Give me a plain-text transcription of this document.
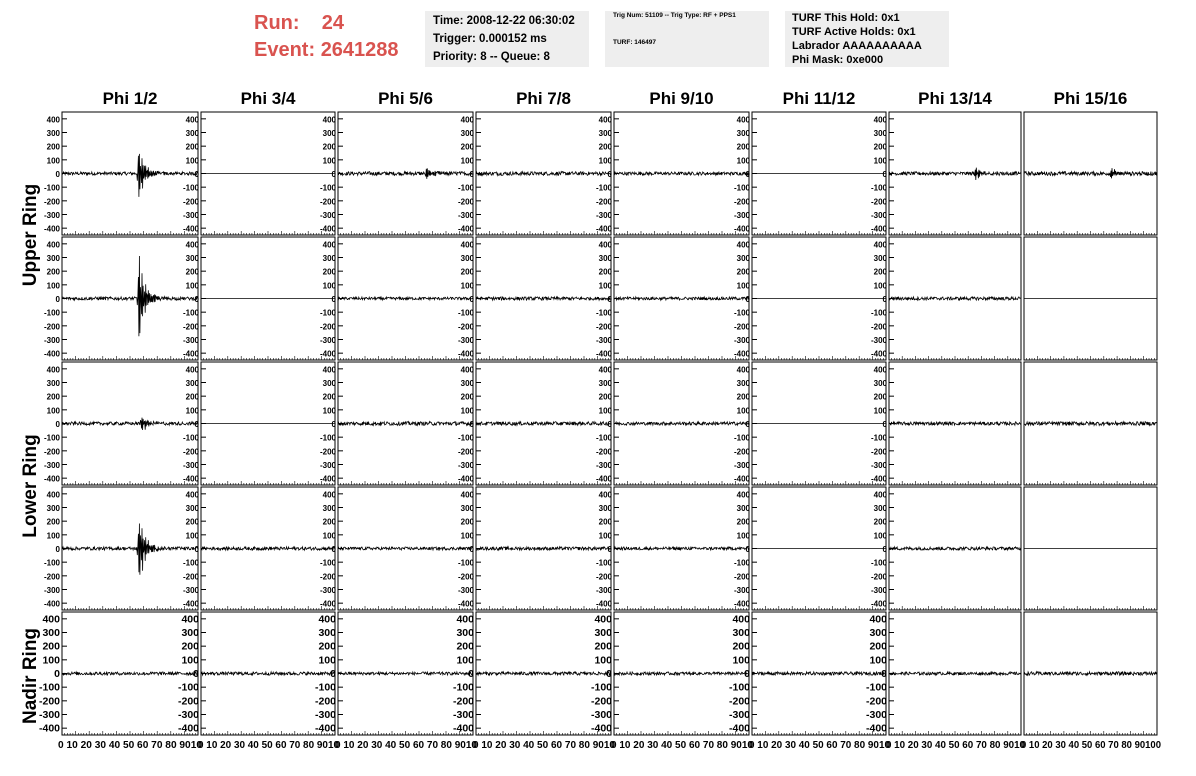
Run: 24
Event: 2641288
Time: 2008-12-22 06:30:02
Trigger: 0.000152 ms
Priority: 8 -- Queue: 8
Trig Num: 51109 -- Trig Type: RF + PPS1
TURF: 146497
TURF This Hold: 0x1
TURF Active Holds: 0x1
Labrador AAAAAAAAAA
Phi Mask: 0xe000
Upper Ring
Lower Ring
Nadir Ring
Phi 1/2	Phi 3/4	Phi 5/6	Phi 7/8	Phi 9/10	Phi 11/12	Phi 13/14	Phi 15/16
400
300
200
100
0
-100
-200
-300
-400
400
300
200
100
0
-100
-200
-300
-400
400
300
200
100
0
-100
-200
-300
-400
400
300
200
100
0
-100
-200
-300
-400
400
300
200
100
0
-100
-200
-300
-400
400
300
200
100
0
-100
-200
-300
-400
400
300
200
100
0
-100
-200
-300
-400
400
300
200
100
0
-100
-200
-300
-400
400
300
200
100
0
-100
-200
-300
-400
400
300
200
100
0
-100
-200
-300
-400
400
300
200
100
0
-100
-200
-300
-400
400
300
200
100
0
-100
-200
-300
-400
400
300
200
100
0
-100
-200
-300
-400
400
300
200
100
0
-100
-200
-300
-400
400
300
200
100
0
-100
-200
-300
-400
400
300
200
100
0
-100
-200
-300
-400
400
300
200
100
0
-100
-200
-300
-400
400
300
200
100
0
-100
-200
-300
-400
400
300
200
100
0
-100
-200
-300
-400
400
300
200
100
0
-100
-200
-300
-400
400
300
200
100
0
-100
-200
-300
-400
400
300
200
100
0
-100
-200
-300
-400
400
300
200
100
0
-100
-200
-300
-400
400
300
200
100
0
-100
-200
-300
-400
400
300
200
100
0
-100
-200
-300
-400
400
300
200
100
0
-100
-200
-300
-400
400
300
200
100
0
-100
-200
-300
-400
400
300
200
100
0
-100
-200
-300
-400
400
300
200
100
0
-100
-200
-300
-400
400
300
200
100
0
-100
-200
-300
-400
400
300
200
100
0
-100
-200
-300
-400
400
300
200
100
0
-100
-200
-300
-400
400
300
200
100
0
-100
-200
-300
-400
400
300
200
100
0
-100
-200
-300
-400
400
300
200
100
0
-100
-200
-300
-400
0 10 20 30 40 50 60 70 80 9010
0 10 20 30 40 50 60 70 80 9010
0 10 20 30 40 50 60 70 80 9010
0 10 20 30 40 50 60 70 80 9010
0 10 20 30 40 50 60 70 80 9010
0 10 20 30 40 50 60 70 80 9010
0 10 20 30 40 50 60 70 80 9010
0 10 20 30 40 50 60 70 80 90100
